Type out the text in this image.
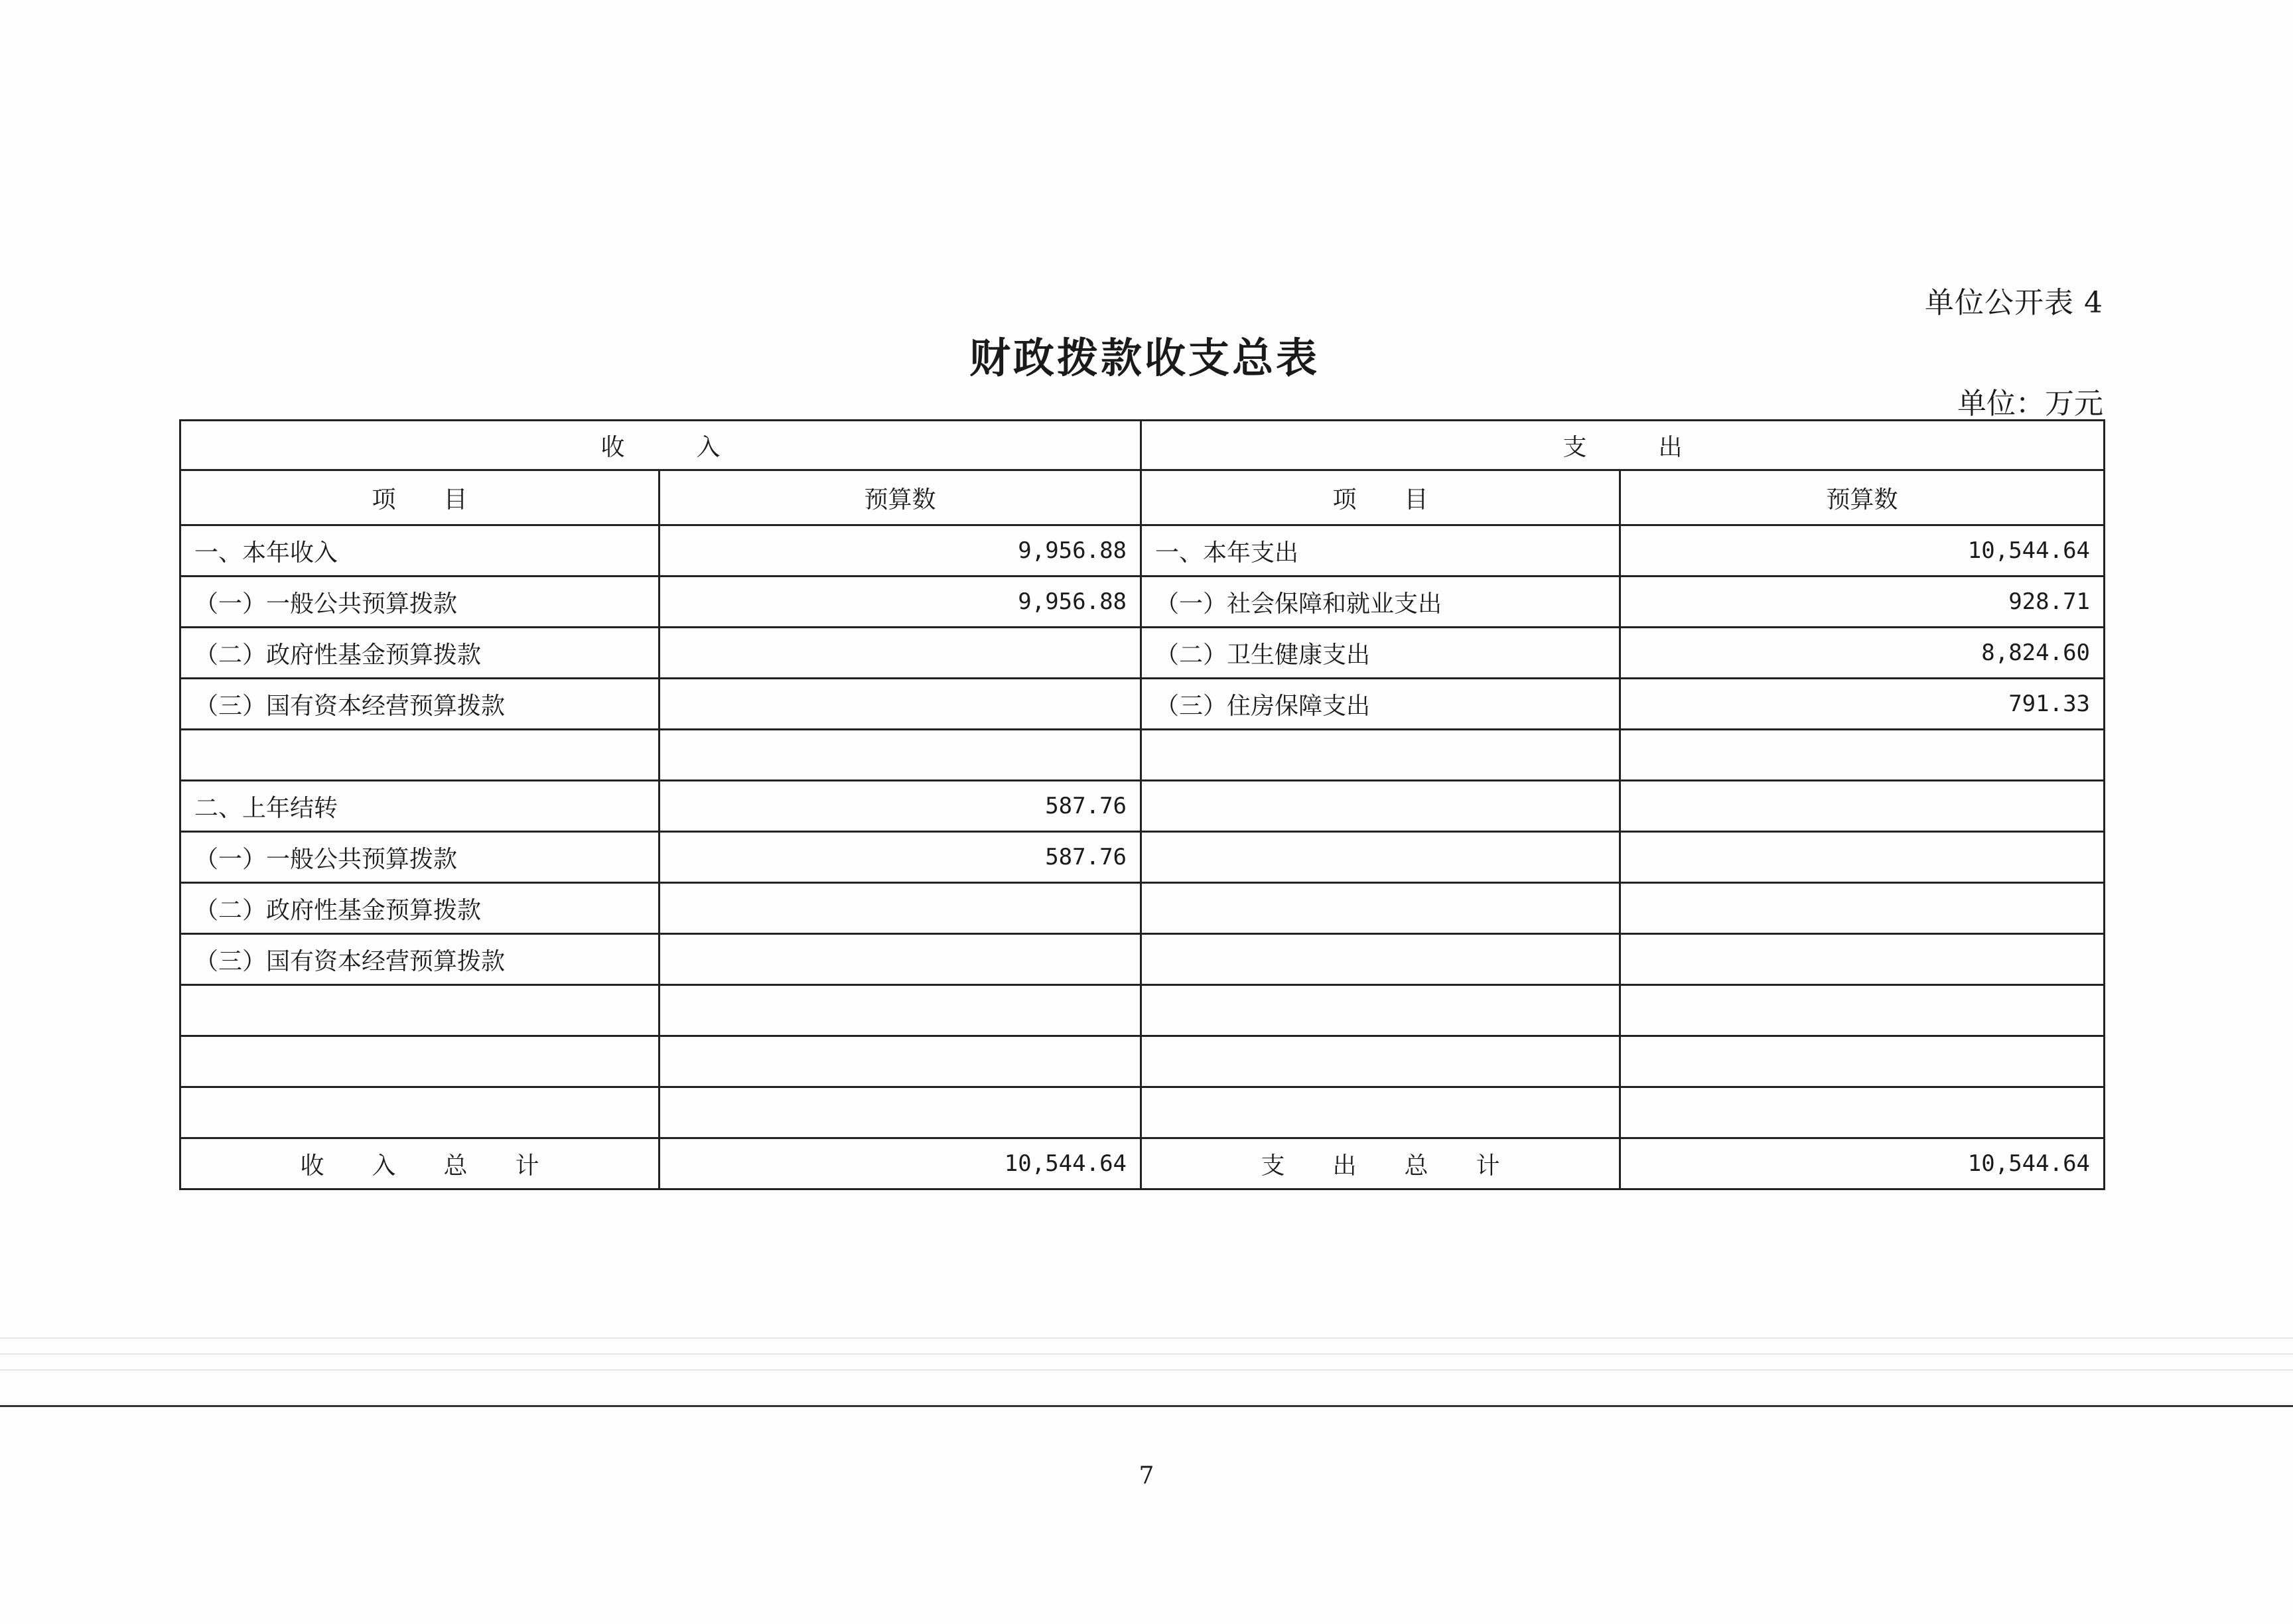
单位公开表 4
财政拨款收支总表
单位：万元
收　　　入		支　　　出	
项　　目	预算数	项　　目	预算数
一、本年收入	9,956.88	一、本年支出	10,544.64
（一）一般公共预算拨款	9,956.88	（一）社会保障和就业支出	928.71
（二）政府性基金预算拨款		（二）卫生健康支出	8,824.60
（三）国有资本经营预算拨款		（三）住房保障支出	791.33

二、上年结转	587.76		
（一）一般公共预算拨款	587.76		
（二）政府性基金预算拨款			
（三）国有资本经营预算拨款			

收　　入　　总　　计	10,544.64	支　　出　　总　　计	10,544.64
7
